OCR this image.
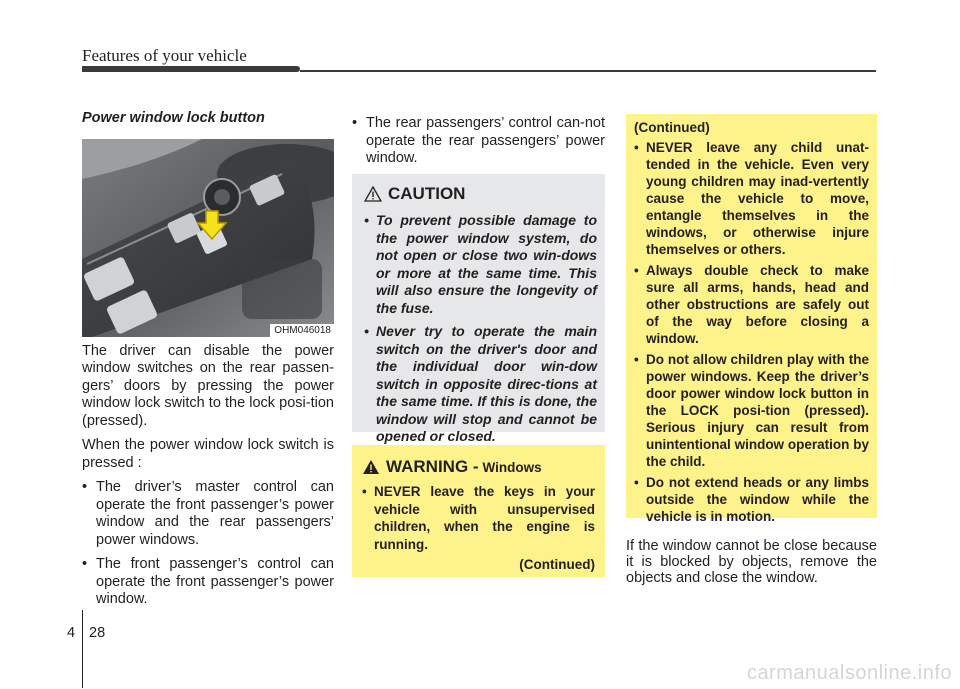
Features of your vehicle
Power window lock button
OHM046018
The driver can disable the power window switches on the rear passen-gers’ doors by pressing the power window lock switch to the lock posi-tion (pressed).
When the power window lock switch is pressed :
• The driver’s master control can operate the front passenger’s power window and the rear passengers’ power windows.
• The front passenger’s control can operate the front passenger’s power window.
• The rear passengers’ control can-not operate the rear passengers’ power window.
CAUTION
• To prevent possible damage to the power window system, do not open or close two win-dows or more at the same time. This will also ensure the longevity of the fuse.
• Never try to operate the main switch on the driver's door and the individual door win-dow switch in opposite direc-tions at the same time. If this is done, the window will stop and cannot be opened or closed.
WARNING - Windows
• NEVER leave the keys in your vehicle with unsupervised children, when the engine is running.
(Continued)
(Continued)
• NEVER leave any child unat-tended in the vehicle. Even very young children may inad-vertently cause the vehicle to move, entangle themselves in the windows, or otherwise injure themselves or others.
• Always double check to make sure all arms, hands, head and other obstructions are safely out of the way before closing a window.
• Do not allow children play with the power windows. Keep the driver’s door power window lock button in the LOCK posi-tion (pressed). Serious injury can result from unintentional window operation by the child.
• Do not extend heads or any limbs outside the window while the vehicle is in motion.
If the window cannot be close because it is blocked by objects, remove the objects and close the window.
4 28
carmanualsonline.info
